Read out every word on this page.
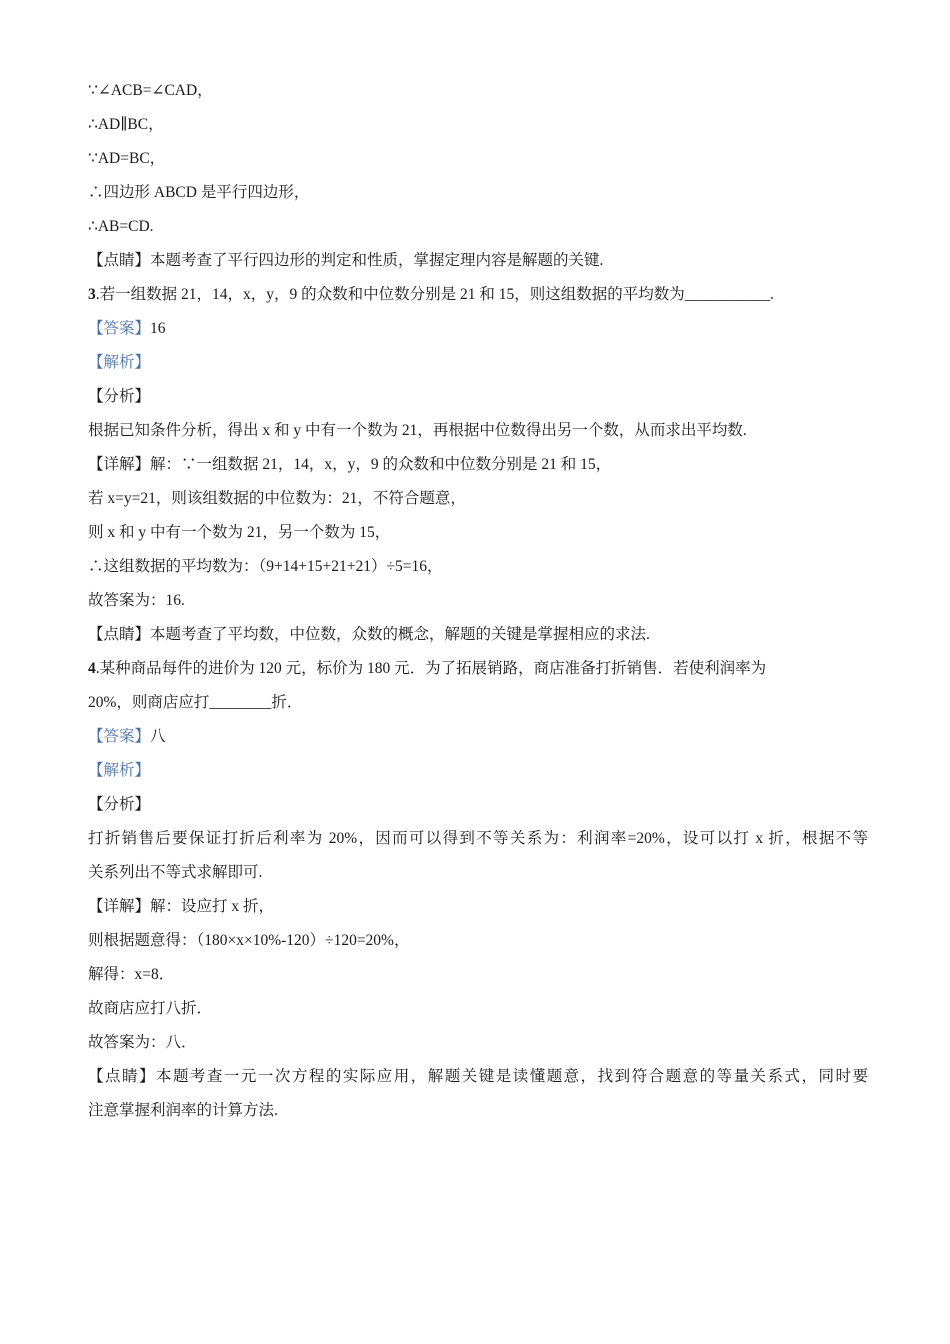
∵∠ACB=∠CAD，
∴AD∥BC，
∵AD=BC，
∴四边形 ABCD 是平行四边形，
∴AB=CD.
【点睛】本题考查了平行四边形的判定和性质，掌握定理内容是解题的关键.
3.若一组数据 21，14，x，y，9 的众数和中位数分别是 21 和 15，则这组数据的平均数为___________.
【答案】16
【解析】
【分析】
根据已知条件分析，得出 x 和 y 中有一个数为 21，再根据中位数得出另一个数，从而求出平均数.
【详解】解：∵一组数据 21，14，x，y，9 的众数和中位数分别是 21 和 15，
若 x=y=21，则该组数据的中位数为：21，不符合题意，
则 x 和 y 中有一个数为 21，另一个数为 15，
∴这组数据的平均数为：（9+14+15+21+21）÷5=16，
故答案为：16.
【点睛】本题考查了平均数，中位数，众数的概念，解题的关键是掌握相应的求法.
4.某种商品每件的进价为 120 元，标价为 180 元．为了拓展销路，商店准备打折销售．若使利润率为
20%，则商店应打________折．
【答案】八
【解析】
【分析】
打折销售后要保证打折后利率为 20%，因而可以得到不等关系为：利润率=20%，设可以打 x 折，根据不等
关系列出不等式求解即可.
【详解】解：设应打 x 折，
则根据题意得：（180×x×10%-120）÷120=20%，
解得：x=8．
故商店应打八折．
故答案为：八．
【点睛】本题考查一元一次方程的实际应用，解题关键是读懂题意，找到符合题意的等量关系式，同时要
注意掌握利润率的计算方法.
